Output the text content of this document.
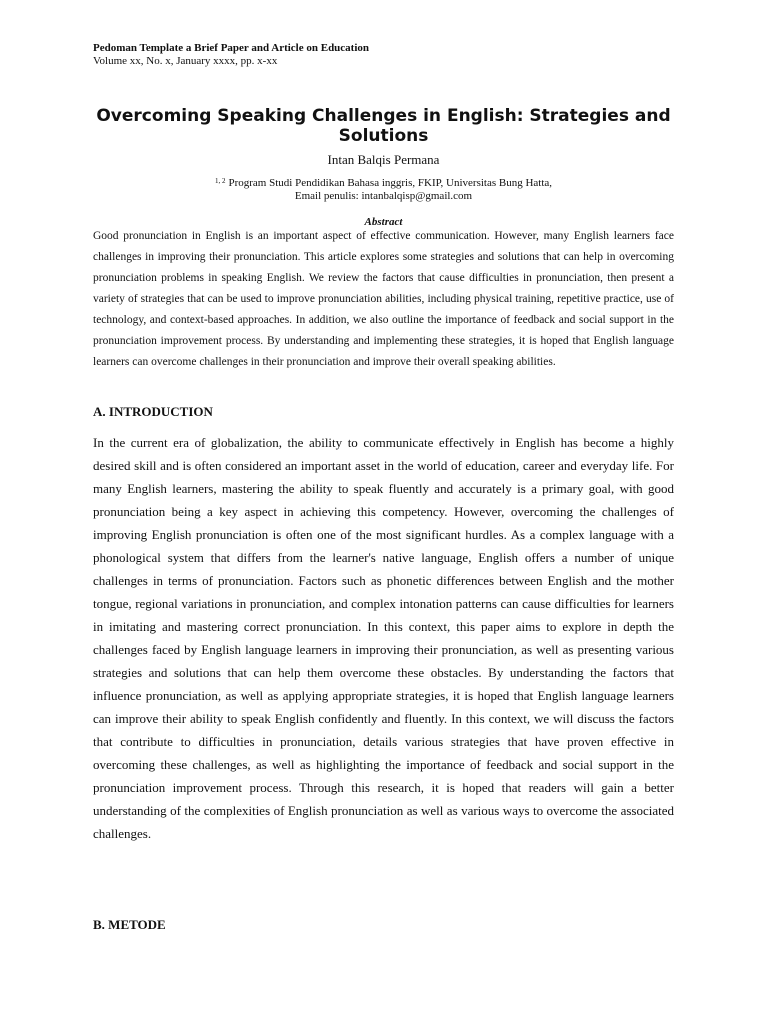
Pedoman Template a Brief Paper and Article on Education
Volume xx, No. x, January xxxx, pp. x-xx
Overcoming Speaking Challenges in English: Strategies and Solutions
Intan Balqis Permana
$^{1, 2}$ Program Studi Pendidikan Bahasa inggris, FKIP, Universitas Bung Hatta,
Email penulis: intanbalqisp@gmail.com
Abstract

Good pronunciation in English is an important aspect of effective communication. However, many English learners face challenges in improving their pronunciation. This article explores some strategies and solutions that can help in overcoming pronunciation problems in speaking English. We review the factors that cause difficulties in pronunciation, then present a variety of strategies that can be used to improve pronunciation abilities, including physical training, repetitive practice, use of technology, and context-based approaches. In addition, we also outline the importance of feedback and social support in the pronunciation improvement process. By understanding and implementing these strategies, it is hoped that English language learners can overcome challenges in their pronunciation and improve their overall speaking abilities.

A. INTRODUCTION

In the current era of globalization, the ability to communicate effectively in English has become a highly desired skill and is often considered an important asset in the world of education, career and everyday life. For many English learners, mastering the ability to speak fluently and accurately is a primary goal, with good pronunciation being a key aspect in achieving this competency. However, overcoming the challenges of improving English pronunciation is often one of the most significant hurdles. As a complex language with a phonological system that differs from the learner's native language, English offers a number of unique challenges in terms of pronunciation. Factors such as phonetic differences between English and the mother tongue, regional variations in pronunciation, and complex intonation patterns can cause difficulties for learners in imitating and mastering correct pronunciation. In this context, this paper aims to explore in depth the challenges faced by English language learners in improving their pronunciation, as well as presenting various strategies and solutions that can help them overcome these obstacles. By understanding the factors that influence pronunciation, as well as applying appropriate strategies, it is hoped that English language learners can improve their ability to speak English confidently and fluently. In this context, we will discuss the factors that contribute to difficulties in pronunciation, details various strategies that have proven effective in overcoming these challenges, as well as highlighting the importance of feedback and social support in the pronunciation improvement process. Through this research, it is hoped that readers will gain a better understanding of the complexities of English pronunciation as well as various ways to overcome the associated challenges.

B. METODE
